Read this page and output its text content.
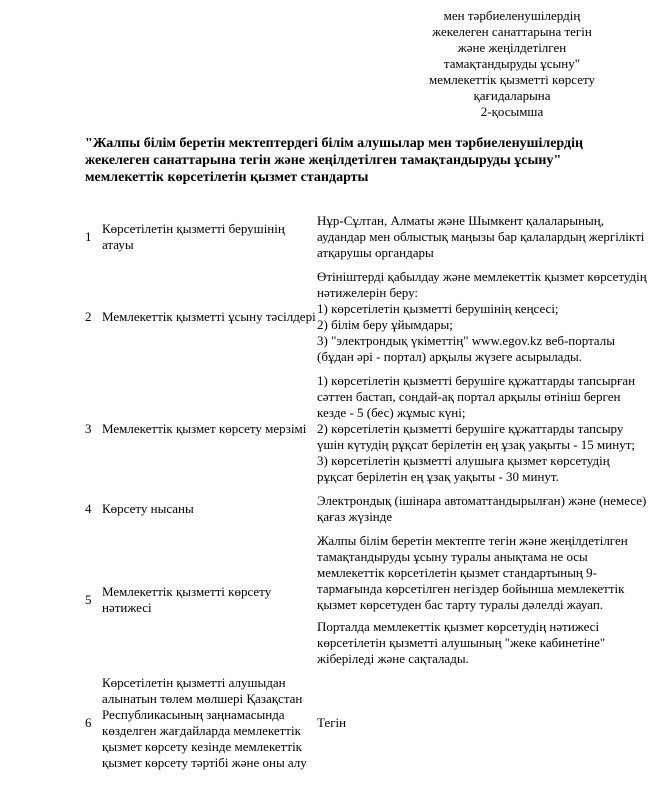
мен тәрбиеленушілердің
жекелеген санаттарына тегін
және жеңілдетілген
тамақтандыруды ұсыну"
мемлекеттік қызметті көрсету
қағидаларына
2-қосымша
"Жалпы білім беретін мектептердегі білім алушылар мен тәрбиеленушілердің жекелеген санаттарына тегін және жеңілдетілген тамақтандыруды ұсыну" мемлекеттік көрсетілетін қызмет стандарты
1	Көрсетілетін қызметті берушінің атауы	Нұр-Сұлтан, Алматы және Шымкент қалаларының, аудандар мен облыстық маңызы бар қалалардың жергілікті атқарушы органдары

2	Мемлекеттік қызметті ұсыну тәсілдері	Өтініштерді қабылдау және мемлекеттік қызмет көрсетудің нәтижелерін беру:
1) көрсетілетін қызметті берушінің кеңсесі;
2) білім беру ұйымдары;
3) "электрондық үкіметтің" www.egov.kz веб-порталы (бұдан әрі - портал) арқылы жүзеге асырылады.

3	Мемлекеттік қызмет көрсету мерзімі	1) көрсетілетін қызметті берушіге құжаттарды тапсырған сәттен бастап, сондай-ақ портал арқылы өтініш берген кезде - 5 (бес) жұмыс күні;
2) көрсетілетін қызметті берушіге құжаттарды тапсыру үшін күтудің рұқсат берілетін ең ұзақ уақыты - 15 минут;
3) көрсетілетін қызметті алушыға қызмет көрсетудің рұқсат берілетін ең ұзақ уақыты - 30 минут.

4	Көрсету нысаны	Электрондық (ішінара автоматтандырылған) және (немесе) қағаз жүзінде

5	Мемлекеттік қызметті көрсету нәтижесі	Жалпы білім беретін мектепте тегін және жеңілдетілген тамақтандыруды ұсыну туралы анықтама не осы мемлекеттік көрсетілетін қызмет стандартының 9-тармағында көрсетілген негіздер бойынша мемлекеттік қызмет көрсетуден бас тарту туралы дәлелді жауап.
Порталда мемлекеттік қызмет көрсетудің нәтижесі көрсетілетін қызметті алушының "жеке кабинетіне" жіберіледі және сақталады.

6	Көрсетілетін қызметті алушыдан алынатын төлем мөлшері Қазақстан Республикасының заңнамасында көзделген жағдайларда мемлекеттік қызмет көрсету кезінде мемлекеттік қызмет көрсету тәртібі және оны алу	Тегін
